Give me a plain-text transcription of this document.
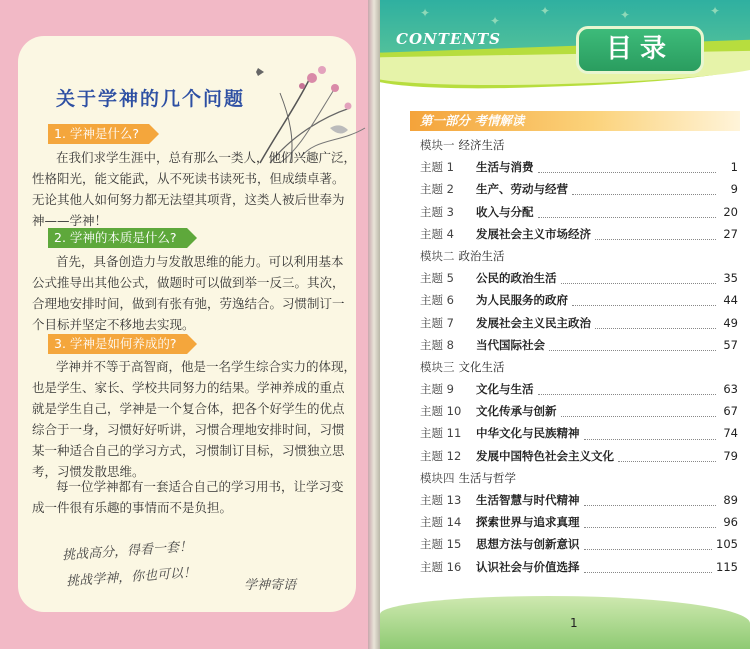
关于学神的几个问题
1. 学神是什么?
在我们求学生涯中，总有那么一类人，他们兴趣广泛，
性格阳光，能文能武，从不死读书读死书，但成绩卓著。
无论其他人如何努力都无法望其项背，这类人被后世奉为
神——学神！
2. 学神的本质是什么?
首先，具备创造力与发散思维的能力。可以利用基本
公式推导出其他公式，做题时可以做到举一反三。其次，
合理地安排时间，做到有张有弛，劳逸结合。习惯制订一
个目标并坚定不移地去实现。
3. 学神是如何养成的?
学神并不等于高智商，他是一名学生综合实力的体现，
也是学生、家长、学校共同努力的结果。学神养成的重点
就是学生自己，学神是一个复合体，把各个好学生的优点
综合于一身，习惯好好听讲，习惯合理地安排时间，习惯
某一种适合自己的学习方式，习惯制订目标，习惯独立思
考，习惯发散思维。
每一位学神都有一套适合自己的学习用书，让学习变
成一件很有乐趣的事情而不是负担。
挑战高分，得看一套！
挑战学神，你也可以！	学神寄语
✦
✦
✦	✦	✦
CONTENTS	目录
第一部分 考情解读
模块一 经济生活
主题 1	生活与消费	1
主题 2	生产、劳动与经营	9
主题 3	收入与分配	20
主题 4	发展社会主义市场经济	27
模块二 政治生活
主题 5	公民的政治生活	35
主题 6	为人民服务的政府	44
主题 7	发展社会主义民主政治	49
主题 8	当代国际社会	57
模块三 文化生活
主题 9	文化与生活	63
主题 10	文化传承与创新	67
主题 11	中华文化与民族精神	74
主题 12	发展中国特色社会主义文化	79
模块四 生活与哲学
主题 13	生活智慧与时代精神	89
主题 14	探索世界与追求真理	96
主题 15	思想方法与创新意识	105
主题 16	认识社会与价值选择	115
1
